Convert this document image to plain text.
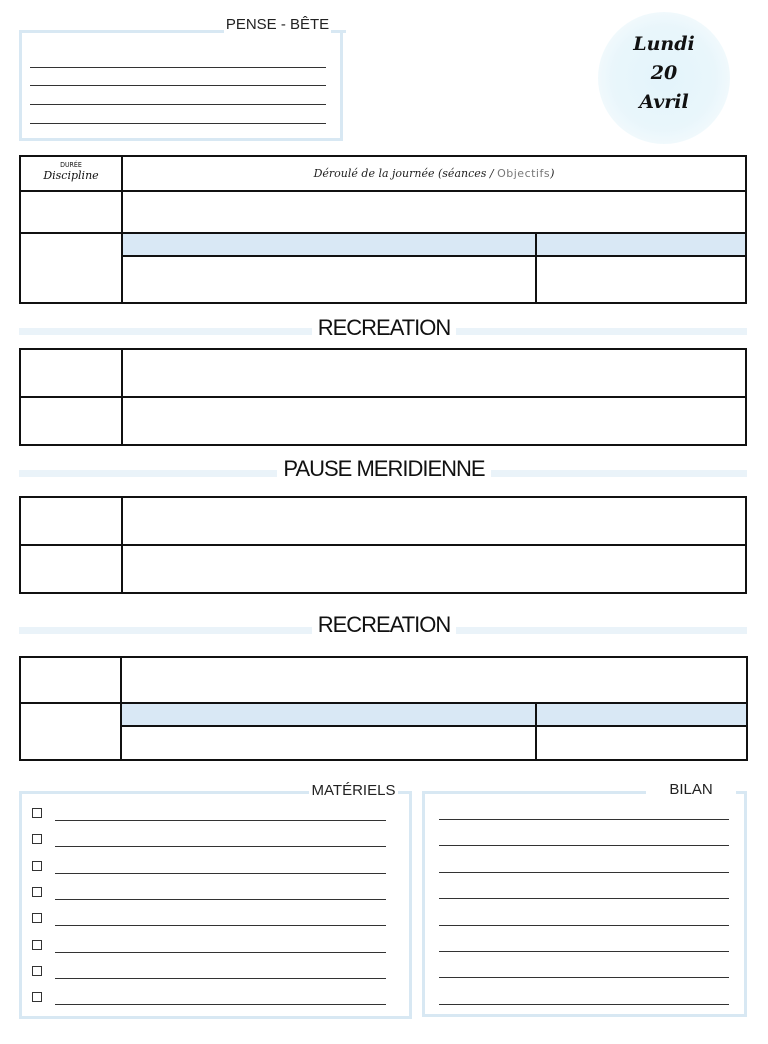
PENSE - BÊTE
Lundi
20
Avril
DURÉE
Discipline	Déroulé de la journée (séances / Objectifs)
RECREATION
PAUSE MERIDIENNE
RECREATION
MATÉRIELS	BILAN
